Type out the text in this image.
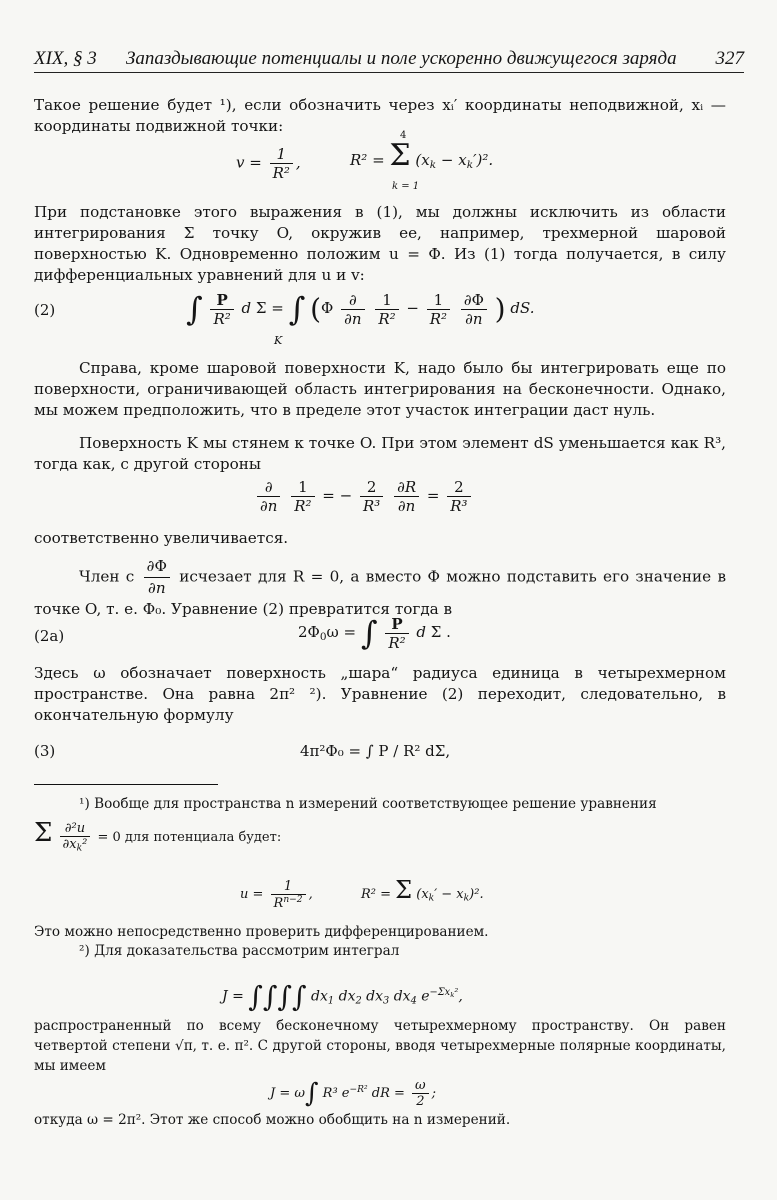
XIX, § 3 Запаздывающие потенциалы и поле ускоренно движущегося заряда 327
Такое решение будет ¹), если обозначить через xᵢ′ координаты неподвижной, xᵢ — координаты подвижной точки:
$v = \frac{1}{\text{R²}}$ ,	R² = Σ $(x_k - x_k')^2$.
4
k = 1
При подстановке этого выражения в (1), мы должны исключить из области интегрирования Σ точку O, окружив ее, например, трехмерной шаровой поверхностью K. Одновременно положим u = Φ. Из (1) тогда получается, в силу дифференциальных уравнений для u и v:
(2)	∫ $\frac{P}{\text{R²}}$ d Σ = ∫ ($\Phi \frac{\partial}{\partial n}$
$\frac{1}{\text{R²}} - \frac{1}{\text{R²}}$
$\frac{\partial\Phi}{\partial n}$ ) dS.
K
Справа, кроме шаровой поверхности K, надо было бы интегрировать еще по поверхности, ограничивающей область интегрирования на бесконечности. Однако, мы можем предположить, что в пределе этот участок интеграции даст нуль.
Поверхность K мы стянем к точке O. При этом элемент dS уменьшается как R³, тогда как, с другой стороны
$\frac{\partial}{\partial n}$
$\frac{1}{\text{R²}}$ = − $\frac{2}{\text{R³}}$
$\frac{\partial R}{\partial n} = \frac{2}{\text{R³}}$
соответственно увеличивается.
Член с $\frac{\partial\Phi}{\partial n}$ исчезает для R = 0, а вместо Φ можно подставить его значение в точке O, т. е. Φ₀. Уравнение (2) превратится тогда в
(2a)	$2\Phi_0\omega$ = ∫ $\frac{P}{\text{R²}}$ d Σ .
Здесь ω обозначает поверхность „шара“ радиуса единица в четырехмерном пространстве. Она равна 2π² ²). Уравнение (2) переходит, следовательно, в окончательную формулу
(3)	4π²Φ₀ = ∫ P / R² dΣ,
¹) Вообще для пространства n измерений соответствующее решение уравнения
Σ $\frac{\text{∂²u}}{\partial x_k^2} = 0$ для потенциала будет:
$u = \frac{1}{R^{n-2}}$ ,	R² = Σ $(x_k' - x_k)^2$.
Это можно непосредственно проверить дифференцированием.
²) Для доказательства рассмотрим интеграл
J = ∫∫∫∫ $dx_1$ $dx_2$ $dx_3$ $dx_4$ $e^{-\Sigma x_k^2}$,
распространенный по всему бесконечному четырехмерному пространству. Он равен четвертой степени √π, т. е. π². С другой стороны, вводя четырехмерные полярные координаты, мы имеем
J = ω∫ R³ $e^{-R^2}$ dR = $\frac{\omega}{2}$ ;
откуда ω = 2π². Этот же способ можно обобщить на n измерений.
